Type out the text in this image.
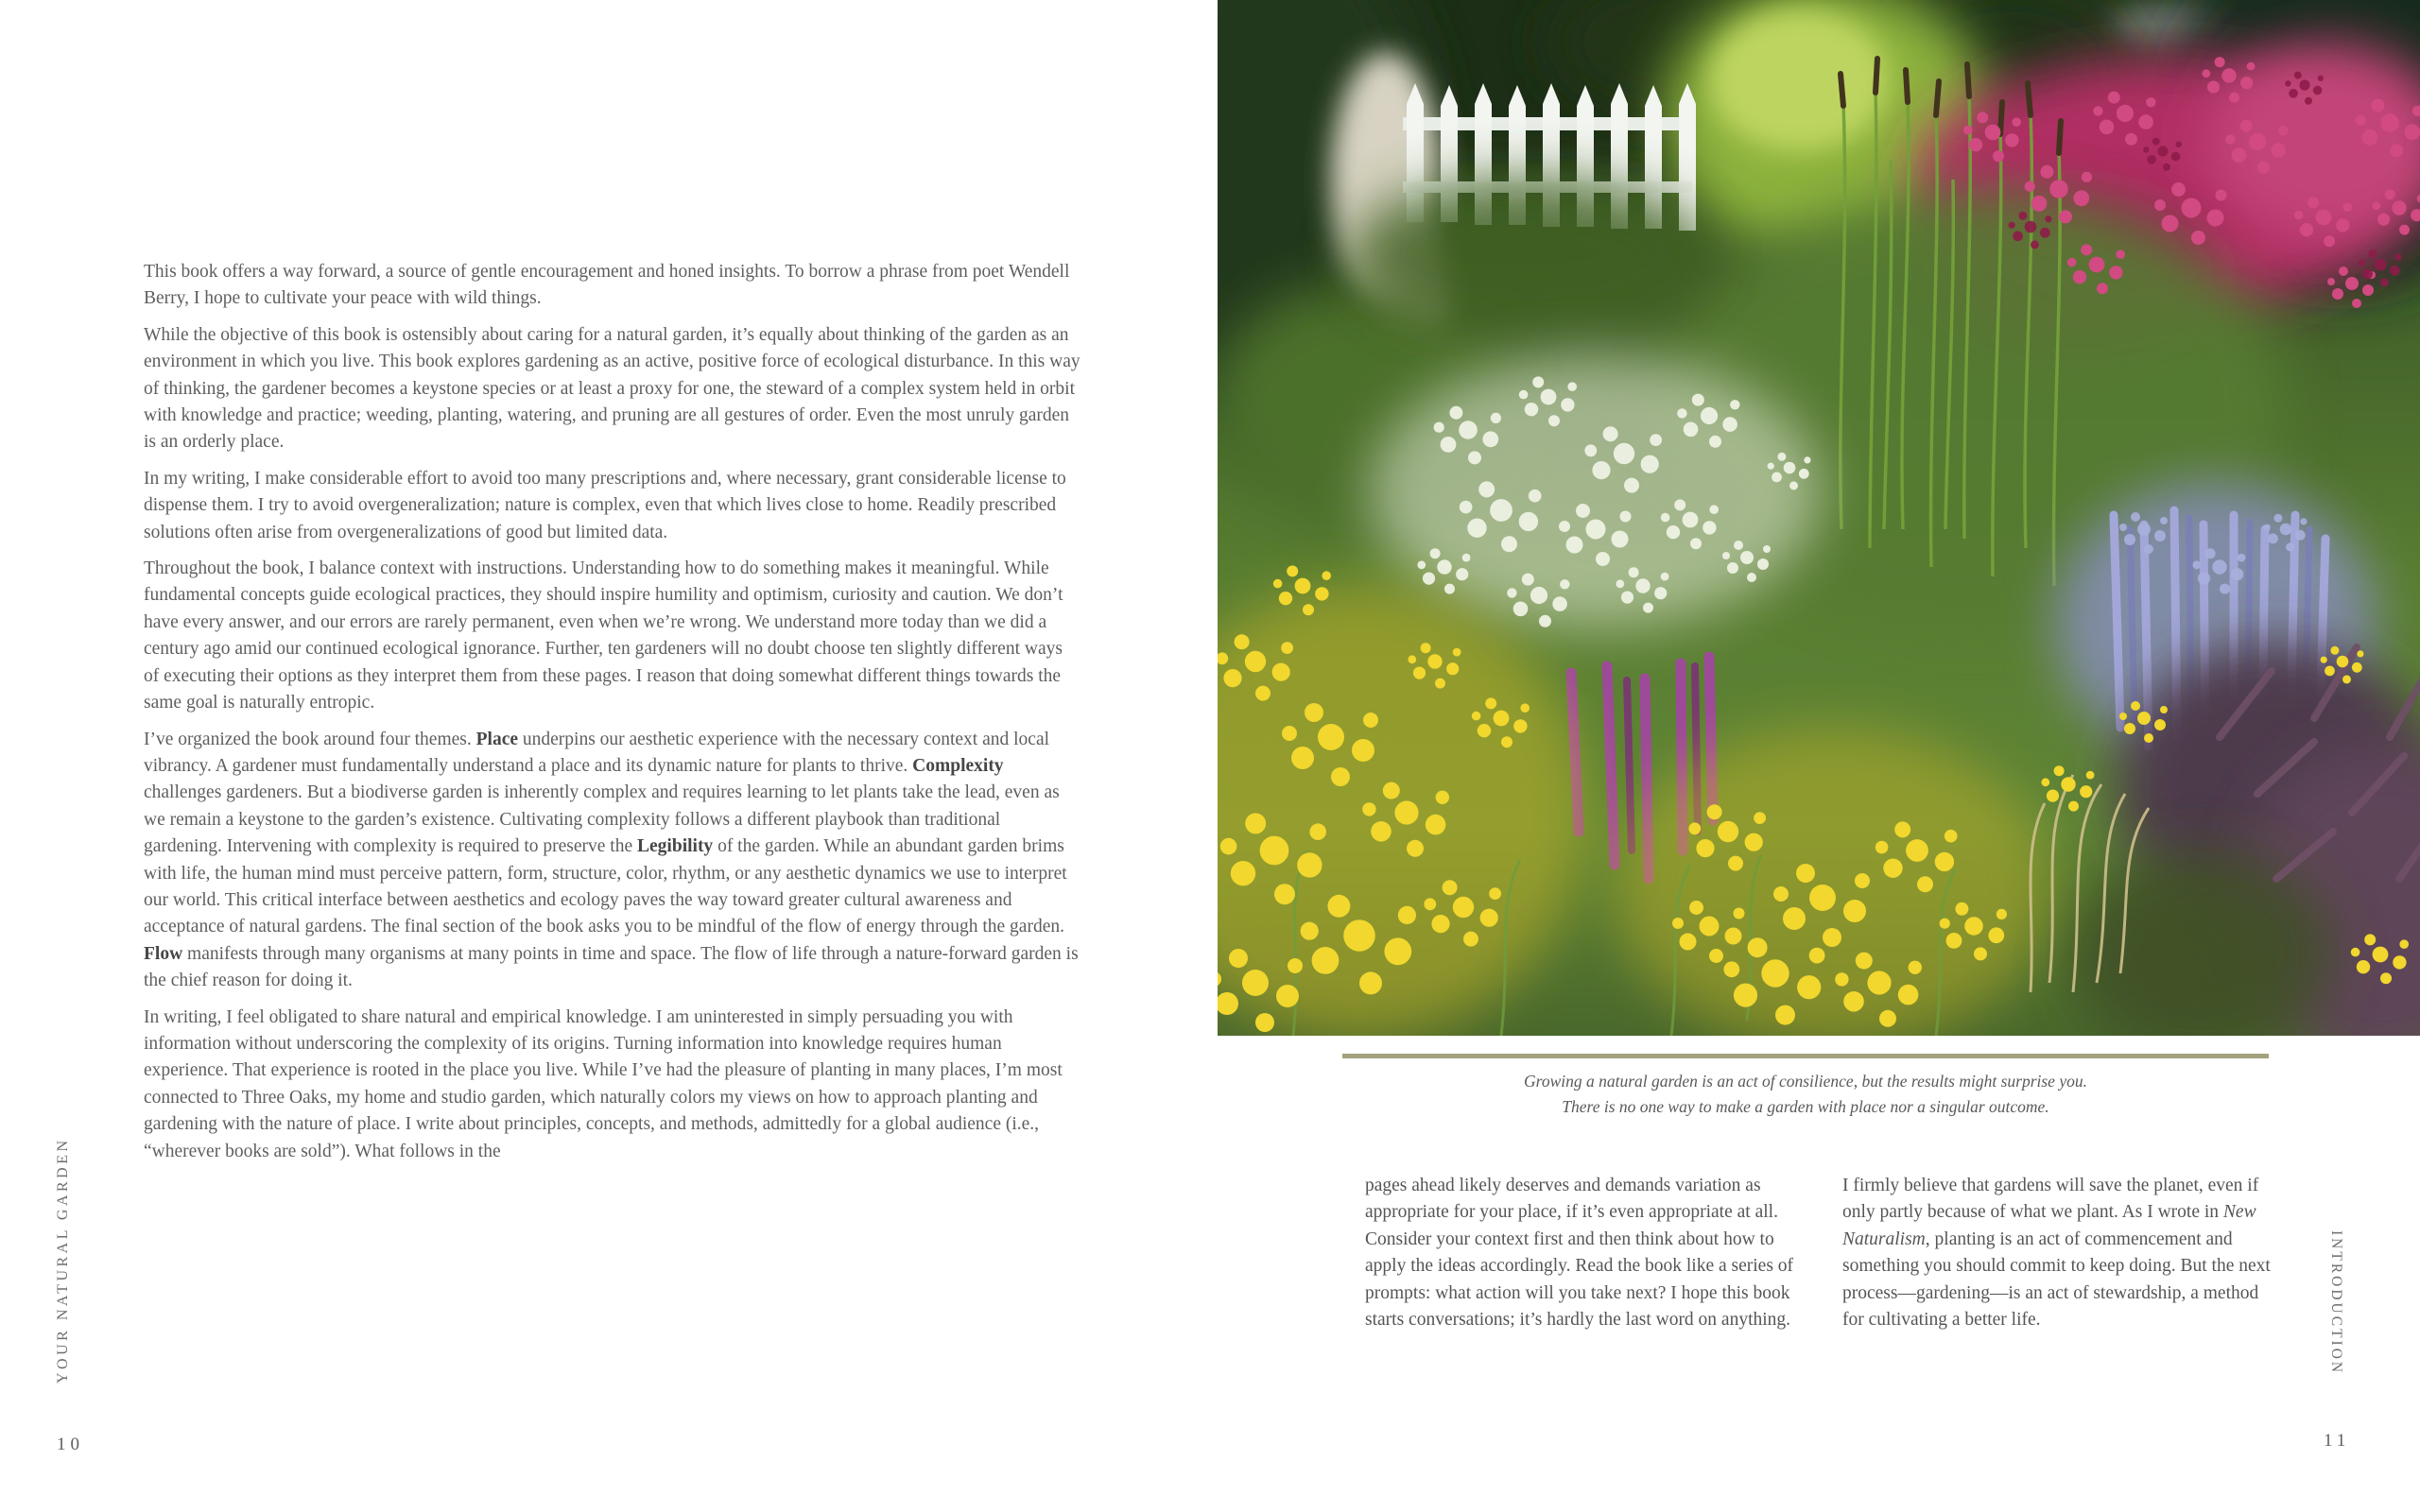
This book offers a way forward, a source of gentle encouragement and honed insights. To borrow a phrase from poet Wendell Berry, I hope to cultivate your peace with wild things.

While the objective of this book is ostensibly about caring for a natural garden, it’s equally about thinking of the garden as an environment in which you live. This book explores gardening as an active, positive force of ecological disturbance. In this way of thinking, the gardener becomes a keystone species or at least a proxy for one, the steward of a complex system held in orbit with knowledge and practice; weeding, planting, watering, and pruning are all gestures of order. Even the most unruly garden is an orderly place.

In my writing, I make considerable effort to avoid too many prescriptions and, where necessary, grant considerable license to dispense them. I try to avoid overgeneralization; nature is complex, even that which lives close to home. Readily prescribed solutions often arise from overgeneralizations of good but limited data.

Throughout the book, I balance context with instructions. Understanding how to do something makes it meaningful. While fundamental concepts guide ecological practices, they should inspire humility and optimism, curiosity and caution. We don’t have every answer, and our errors are rarely permanent, even when we’re wrong. We understand more today than we did a century ago amid our continued ecological ignorance. Further, ten gardeners will no doubt choose ten slightly different ways of executing their options as they interpret them from these pages. I reason that doing somewhat different things towards the same goal is naturally entropic.

I’ve organized the book around four themes. Place underpins our aesthetic experience with the necessary context and local vibrancy. A gardener must fundamentally understand a place and its dynamic nature for plants to thrive. Complexity challenges gardeners. But a biodiverse garden is inherently complex and requires learning to let plants take the lead, even as we remain a keystone to the garden’s existence. Cultivating complexity follows a different playbook than traditional gardening. Intervening with complexity is required to preserve the Legibility of the garden. While an abundant garden brims with life, the human mind must perceive pattern, form, structure, color, rhythm, or any aesthetic dynamics we use to interpret our world. This critical interface between aesthetics and ecology paves the way toward greater cultural awareness and acceptance of natural gardens. The final section of the book asks you to be mindful of the flow of energy through the garden. Flow manifests through many organisms at many points in time and space. The flow of life through a nature-forward garden is the chief reason for doing it.

In writing, I feel obligated to share natural and empirical knowledge. I am uninterested in simply persuading you with information without underscoring the complexity of its origins. Turning information into knowledge requires human experience. That experience is rooted in the place you live. While I’ve had the pleasure of planting in many places, I’m most connected to Three Oaks, my home and studio garden, which naturally colors my views on how to approach planting and gardening with the nature of place. I write about principles, concepts, and methods, admittedly for a global audience (i.e., “wherever books are sold”). What follows in the

YOUR NATURAL GARDEN
10
Growing a natural garden is an act of consilience, but the results might surprise you.
There is no one way to make a garden with place nor a singular outcome.
pages ahead likely deserves and demands variation as appropriate for your place, if it’s even appropriate at all. Consider your context first and then think about how to apply the ideas accordingly. Read the book like a series of prompts: what action will you take next? I hope this book starts conversations; it’s hardly the last word on anything.
I firmly believe that gardens will save the planet, even if only partly because of what we plant. As I wrote in New Naturalism, planting is an act of commencement and something you should commit to keep doing. But the next process—gardening—is an act of stewardship, a method for cultivating a better life.	INTRODUCTION
11
